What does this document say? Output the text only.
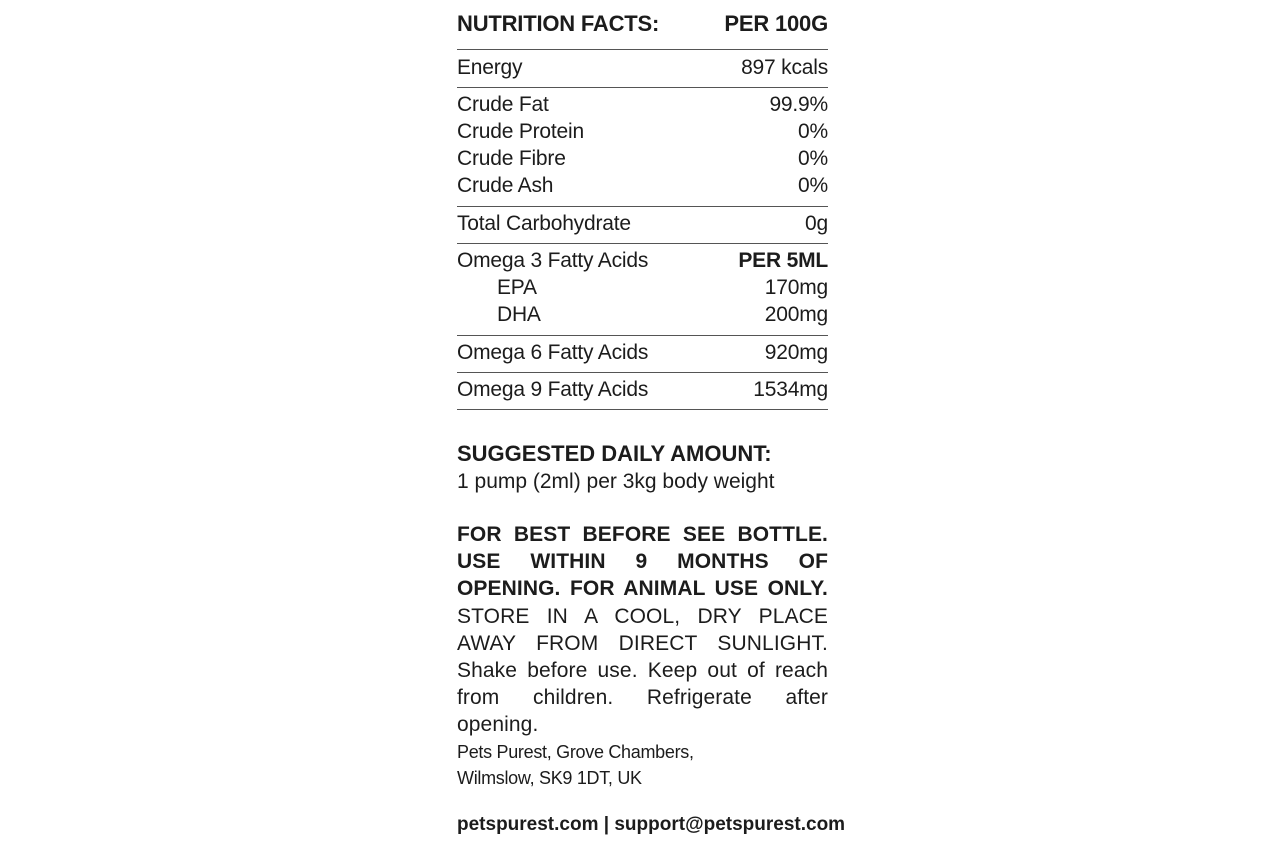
NUTRITION FACTS:	PER 100G
Energy	897 kcals
Crude Fat	99.9%
Crude Protein	0%
Crude Fibre	0%
Crude Ash	0%
Total Carbohydrate	0g
Omega 3 Fatty Acids	PER 5ML
EPA	170mg
DHA	200mg
Omega 6 Fatty Acids	920mg
Omega 9 Fatty Acids	1534mg
SUGGESTED DAILY AMOUNT:
1 pump (2ml) per 3kg body weight
FOR BEST BEFORE SEE BOTTLE. USE WITHIN 9 MONTHS OF OPENING. FOR ANIMAL USE ONLY. STORE IN A COOL, DRY PLACE AWAY FROM DIRECT SUNLIGHT. Shake before use. Keep out of reach from children. Refrigerate after opening.
Pets Purest, Grove Chambers,
Wilmslow, SK9 1DT, UK
petspurest.com | support@petspurest.com
